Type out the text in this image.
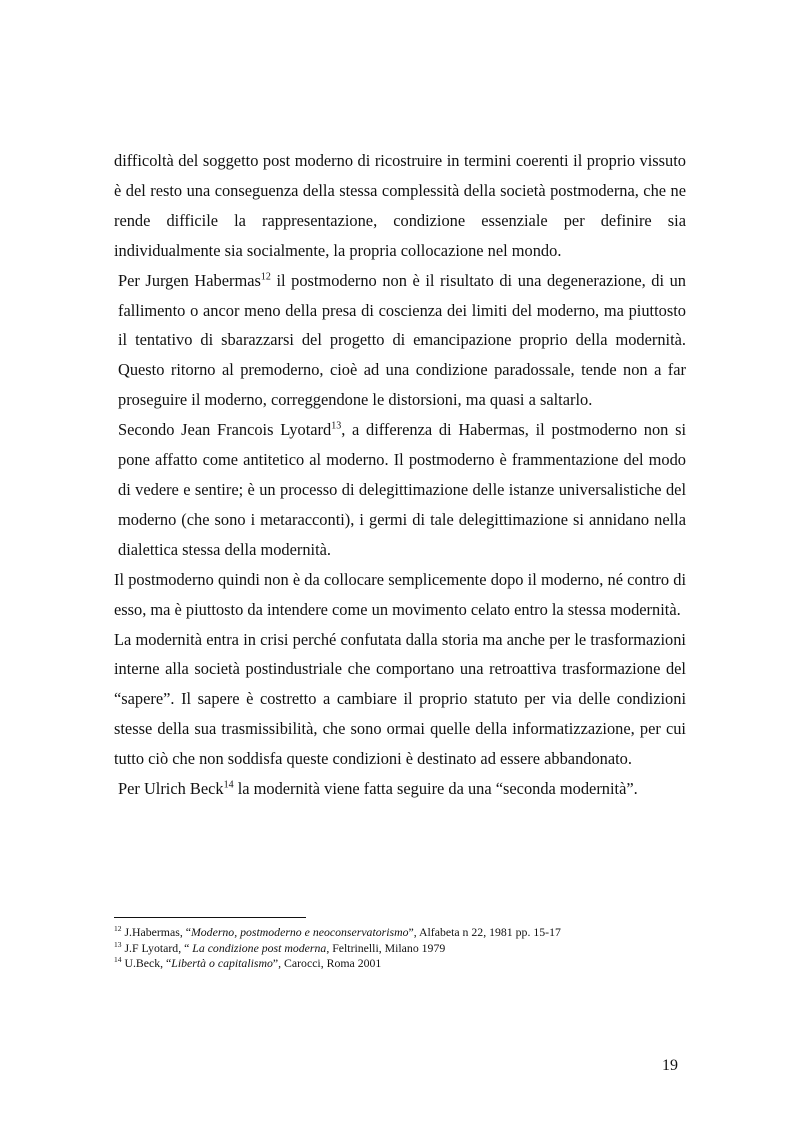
difficoltà del soggetto post moderno di ricostruire in termini coerenti il proprio vissuto è del resto una conseguenza della stessa complessità della società postmoderna, che ne rende difficile la rappresentazione, condizione essenziale per definire sia individualmente sia socialmente, la propria collocazione nel mondo.

Per Jurgen Habermas$^{12}$ il postmoderno non è il risultato di una degenerazione, di un fallimento o ancor meno della presa di coscienza dei limiti del moderno, ma piuttosto il tentativo di sbarazzarsi del progetto di emancipazione proprio della modernità. Questo ritorno al premoderno, cioè ad una condizione paradossale, tende non a far proseguire il moderno, correggendone le distorsioni, ma quasi a saltarlo.

Secondo Jean Francois Lyotard$^{13}$, a differenza di Habermas, il postmoderno non si pone affatto come antitetico al moderno. Il postmoderno è frammentazione del modo di vedere e sentire; è un processo di delegittimazione delle istanze universalistiche del moderno (che sono i metaracconti), i germi di tale delegittimazione si annidano nella dialettica stessa della modernità.

Il postmoderno quindi non è da collocare semplicemente dopo il moderno, né contro di esso, ma è piuttosto da intendere come un movimento celato entro la stessa modernità.

La modernità entra in crisi perché confutata dalla storia ma anche per le trasformazioni interne alla società postindustriale che comportano una retroattiva trasformazione del “sapere”. Il sapere è costretto a cambiare il proprio statuto per via delle condizioni stesse della sua trasmissibilità, che sono ormai quelle della informatizzazione, per cui tutto ciò che non soddisfa queste condizioni è destinato ad essere abbandonato.

Per Ulrich Beck$^{14}$ la modernità viene fatta seguire da una “seconda modernità”.

$^{12}$ J.Habermas, “Moderno, postmoderno e neoconservatorismo”, Alfabeta n 22, 1981 pp. 15-17

$^{13}$ J.F Lyotard, “ La condizione post moderna, Feltrinelli, Milano 1979

$^{14}$ U.Beck, “Libertà o capitalismo”, Carocci, Roma 2001

19
